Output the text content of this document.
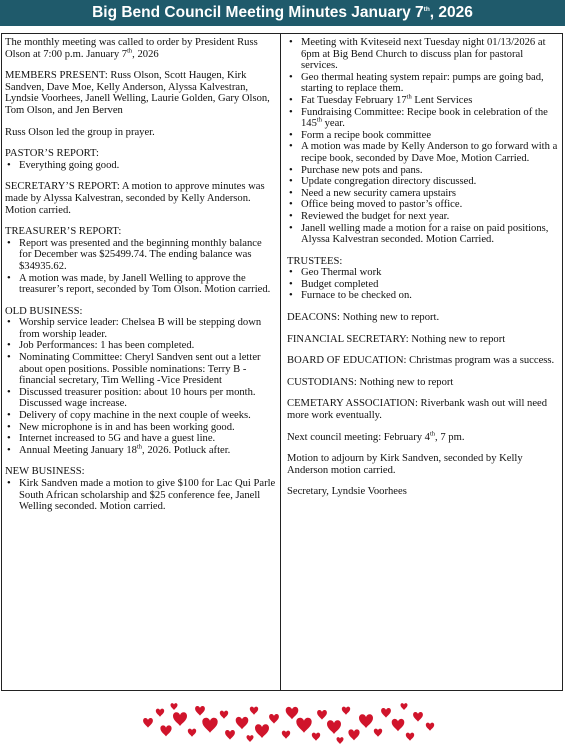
Big Bend Council Meeting Minutes January 7th, 2026

The monthly meeting was called to order by President Russ Olson at 7:00 p.m. January 7th, 2026

MEMBERS PRESENT: Russ Olson, Scott Haugen, Kirk Sandven, Dave Moe, Kelly Anderson, Alyssa Kalvestran, Lyndsie Voorhees, Janell Welling, Laurie Golden, Gary Olson, Tom Olson, and Jen Berven

Russ Olson led the group in prayer.

PASTOR’S REPORT:

• Everything going good.

SECRETARY’S REPORT: A motion to approve minutes was made by Alyssa Kalvestran, seconded by Kelly Anderson. Motion carried.

TREASURER’S REPORT:

• Report was presented and the beginning monthly balance for December was $25499.74. The ending balance was $34935.62.
• A motion was made, by Janell Welling to approve the treasurer’s report, seconded by Tom Olson. Motion carried.

OLD BUSINESS:

• Worship service leader: Chelsea B will be stepping down from worship leader.
• Job Performances: 1 has been completed.
• Nominating Committee: Cheryl Sandven sent out a letter about open positions. Possible nominations: Terry B -financial secretary, Tim Welling -Vice President
• Discussed treasurer position: about 10 hours per month. Discussed wage increase.
• Delivery of copy machine in the next couple of weeks.
• New microphone is in and has been working good.
• Internet increased to 5G and have a guest line.
• Annual Meeting January 18th, 2026. Potluck after.

NEW BUSINESS:

• Kirk Sandven made a motion to give $100 for Lac Qui Parle South African scholarship and $25 conference fee, Janell Welling seconded. Motion carried.
• Meeting with Kviteseid next Tuesday night 01/13/2026 at 6pm at Big Bend Church to discuss plan for pastoral services.
• Geo thermal heating system repair: pumps are going bad, starting to replace them.
• Fat Tuesday February 17th Lent Services
• Fundraising Committee: Recipe book in celebration of the 145th year.
• Form a recipe book committee
• A motion was made by Kelly Anderson to go forward with a recipe book, seconded by Dave Moe, Motion Carried.
• Purchase new pots and pans.
• Update congregation directory discussed.
• Need a new security camera upstairs
• Office being moved to pastor’s office.
• Reviewed the budget for next year.
• Janell welling made a motion for a raise on paid positions, Alyssa Kalvestran seconded. Motion Carried.

TRUSTEES:

• Geo Thermal work
• Budget completed
• Furnace to be checked on.

DEACONS: Nothing new to report.

FINANCIAL SECRETARY: Nothing new to report

BOARD OF EDUCATION: Christmas program was a success.

CUSTODIANS: Nothing new to report

CEMETARY ASSOCIATION: Riverbank wash out will need more work eventually.

Next council meeting: February 4th, 7 pm.

Motion to adjourn by Kirk Sandven, seconded by Kelly Anderson motion carried.

Secretary, Lyndsie Voorhees
